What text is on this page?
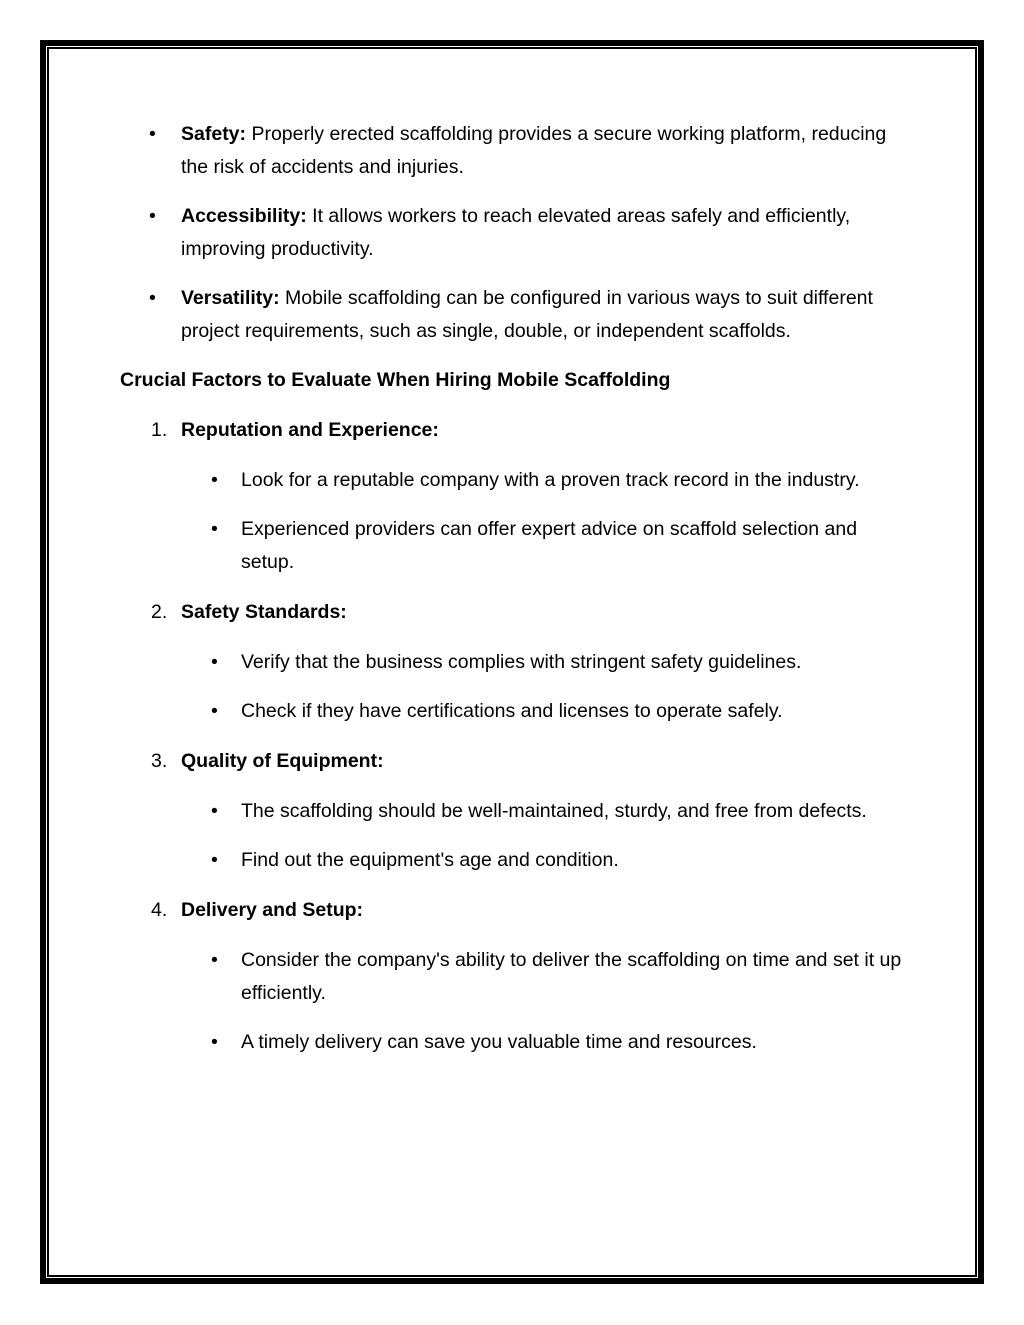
• Safety: Properly erected scaffolding provides a secure working platform, reducing the risk of accidents and injuries.
• Accessibility: It allows workers to reach elevated areas safely and efficiently, improving productivity.
• Versatility: Mobile scaffolding can be configured in various ways to suit different project requirements, such as single, double, or independent scaffolds.
Crucial Factors to Evaluate When Hiring Mobile Scaffolding
1. Reputation and Experience:
• Look for a reputable company with a proven track record in the industry.
• Experienced providers can offer expert advice on scaffold selection and setup.
2. Safety Standards:
• Verify that the business complies with stringent safety guidelines.
• Check if they have certifications and licenses to operate safely.
3. Quality of Equipment:
• The scaffolding should be well-maintained, sturdy, and free from defects.
• Find out the equipment's age and condition.
4. Delivery and Setup:
• Consider the company's ability to deliver the scaffolding on time and set it up efficiently.
• A timely delivery can save you valuable time and resources.
